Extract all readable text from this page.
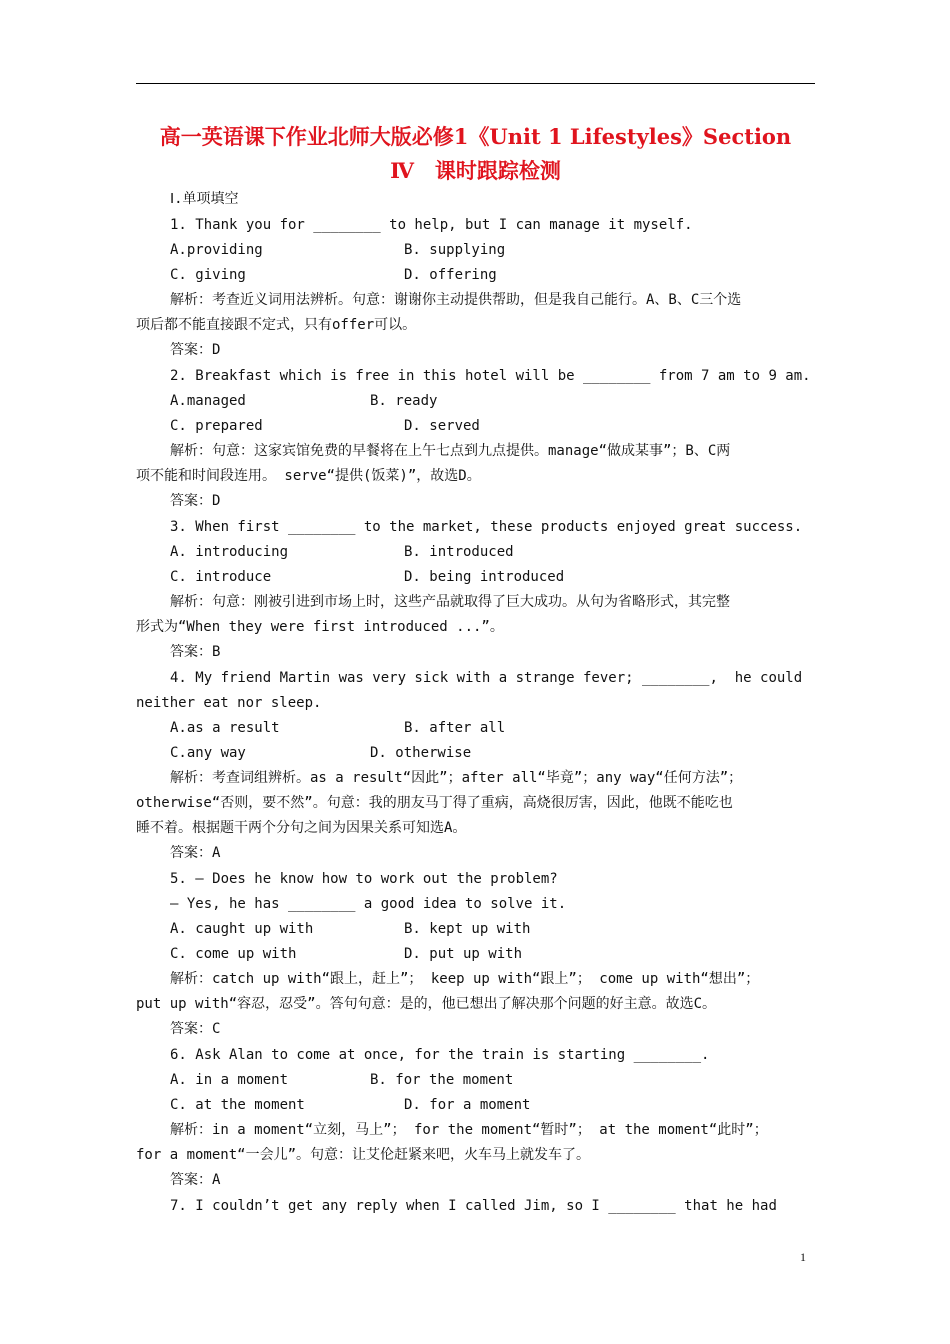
高一英语课下作业北师大版必修1《Unit 1 Lifestyles》Section
Ⅳ　课时跟踪检测
Ⅰ.单项填空
1. Thank you for ________ to help, but I can manage it myself.
A.providing	B. supplying
C. giving	D. offering
解析：考查近义词用法辨析。句意：谢谢你主动提供帮助，但是我自己能行。A、B、C三个选
项后都不能直接跟不定式，只有offer可以。
答案：D
2. Breakfast which is free in this hotel will be ________ from 7 am to 9 am.
A.managed	B. ready
C. prepared	D. served
解析：句意：这家宾馆免费的早餐将在上午七点到九点提供。manage“做成某事”；B、C两
项不能和时间段连用。 serve“提供(饭菜)”，故选D。
答案：D
3. When first ________ to the market, these products enjoyed great success.
A. introducing	B. introduced
C. introduce	D. being introduced
解析：句意：刚被引进到市场上时，这些产品就取得了巨大成功。从句为省略形式，其完整
形式为“When they were first introduced ...”。
答案：B
4. My friend Martin was very sick with a strange fever; ________,  he could
neither eat nor sleep.
A.as a result	B. after all
C.any way	D. otherwise
解析：考查词组辨析。as a result“因此”；after all“毕竟”；any way“任何方法”；
otherwise“否则，要不然”。句意：我的朋友马丁得了重病，高烧很厉害，因此，他既不能吃也
睡不着。根据题干两个分句之间为因果关系可知选A。
答案：A
5. — Does he know how to work out the problem?
— Yes, he has ________ a good idea to solve it.
A. caught up with	B. kept up with
C. come up with	D. put up with
解析：catch up with“跟上，赶上”； keep up with“跟上”； come up with“想出”；
put up with“容忍，忍受”。答句句意：是的，他已想出了解决那个问题的好主意。故选C。
答案：C
6. Ask Alan to come at once, for the train is starting ________.
A. in a moment	B. for the moment
C. at the moment	D. for a moment
解析：in a moment“立刻，马上”； for the moment“暂时”； at the moment“此时”；
for a moment“一会儿”。句意：让艾伦赶紧来吧，火车马上就发车了。
答案：A
7. I couldn’t get any reply when I called Jim, so I ________ that he had
1
